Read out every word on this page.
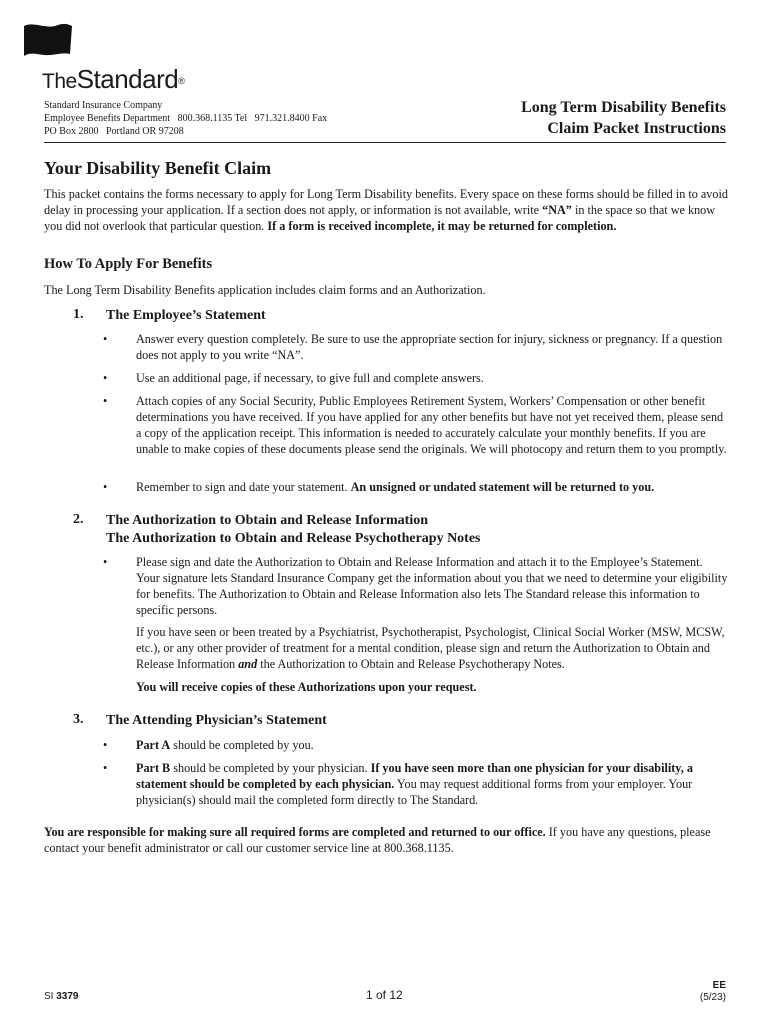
TheStandard®
Standard Insurance Company
Employee Benefits Department   800.368.1135 Tel   971.321.8400 Fax
PO Box 2800   Portland OR 97208
Long Term Disability Benefits
Claim Packet Instructions
Your Disability Benefit Claim
This packet contains the forms necessary to apply for Long Term Disability benefits. Every space on these forms should be filled in to avoid delay in processing your application. If a section does not apply, or information is not available, write “NA” in the space so that we know you did not overlook that particular question. If a form is received incomplete, it may be returned for completion.
How To Apply For Benefits
The Long Term Disability Benefits application includes claim forms and an Authorization.
1. The Employee’s Statement
• Answer every question completely. Be sure to use the appropriate section for injury, sickness or pregnancy. If a question does not apply to you write “NA”.
• Use an additional page, if necessary, to give full and complete answers.
• Attach copies of any Social Security, Public Employees Retirement System, Workers’ Compensation or other benefit determinations you have received. If you have applied for any other benefits but have not yet received them, please send a copy of the application receipt. This information is needed to accurately calculate your monthly benefits. If you are unable to make copies of these documents please send the originals. We will photocopy and return them to you promptly.
• Remember to sign and date your statement. An unsigned or undated statement will be returned to you.
2. The Authorization to Obtain and Release Information
The Authorization to Obtain and Release Psychotherapy Notes
• Please sign and date the Authorization to Obtain and Release Information and attach it to the Employee’s Statement. Your signature lets Standard Insurance Company get the information about you that we need to determine your eligibility for benefits. The Authorization to Obtain and Release Information also lets The Standard release this information to specific persons.
If you have seen or been treated by a Psychiatrist, Psychotherapist, Psychologist, Clinical Social Worker (MSW, MCSW, etc.), or any other provider of treatment for a mental condition, please sign and return the Authorization to Obtain and Release Information and the Authorization to Obtain and Release Psychotherapy Notes.
You will receive copies of these Authorizations upon your request.
3. The Attending Physician’s Statement
• Part A should be completed by you.
• Part B should be completed by your physician. If you have seen more than one physician for your disability, a statement should be completed by each physician. You may request additional forms from your employer. Your physician(s) should mail the completed form directly to The Standard.
You are responsible for making sure all required forms are completed and returned to our office. If you have any questions, please contact your benefit administrator or call our customer service line at 800.368.1135.
SI 3379	1 of 12
EE
(5/23)
